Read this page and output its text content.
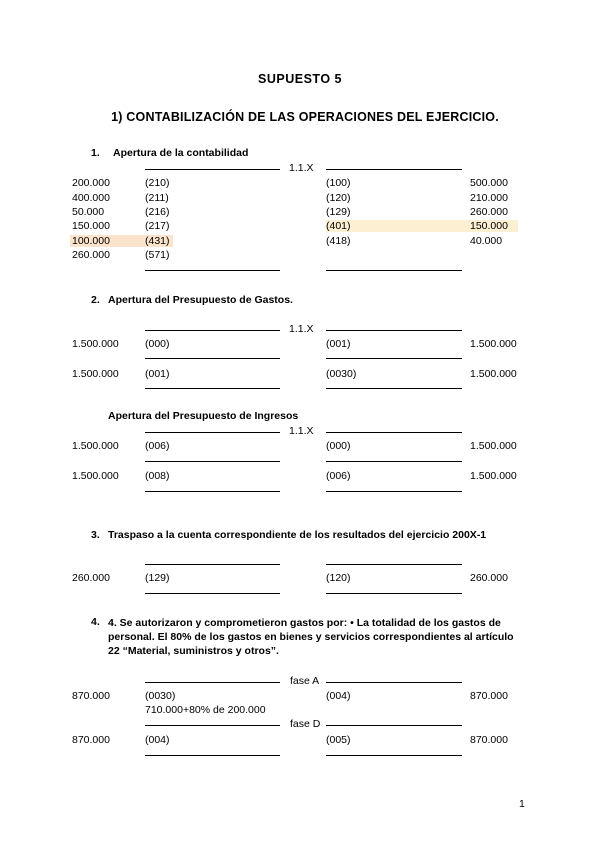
SUPUESTO 5
1) CONTABILIZACIÓN DE LAS OPERACIONES DEL EJERCICIO.
1. Apertura de la contabilidad
1.1.X
200.000	(210)	(100)	500.000
400.000	(211)	(120)	210.000
50.000	(216)	(129)	260.000
150.000	(217)	(401)	150.000
100.000	(431)	(418)	40.000
260.000	(571)
2. Apertura del Presupuesto de Gastos.
1.1.X
1.500.000	(000)	(001)	1.500.000
1.500.000	(001)	(0030)	1.500.000
Apertura del Presupuesto de Ingresos
1.1.X
1.500.000	(006)	(000)	1.500.000
1.500.000	(008)	(006)	1.500.000
3. Traspaso a la cuenta correspondiente de los resultados del ejercicio 200X-1
260.000	(129)	(120)	260.000
4. 4. Se autorizaron y comprometieron gastos por: • La totalidad de los gastos de personal. El 80% de los gastos en bienes y servicios correspondientes al artículo 22 “Material, suministros y otros”.
fase A
870.000	(0030)	(004)	870.000
710.000+80% de 200.000
fase D
870.000	(004)	(005)	870.000
1
